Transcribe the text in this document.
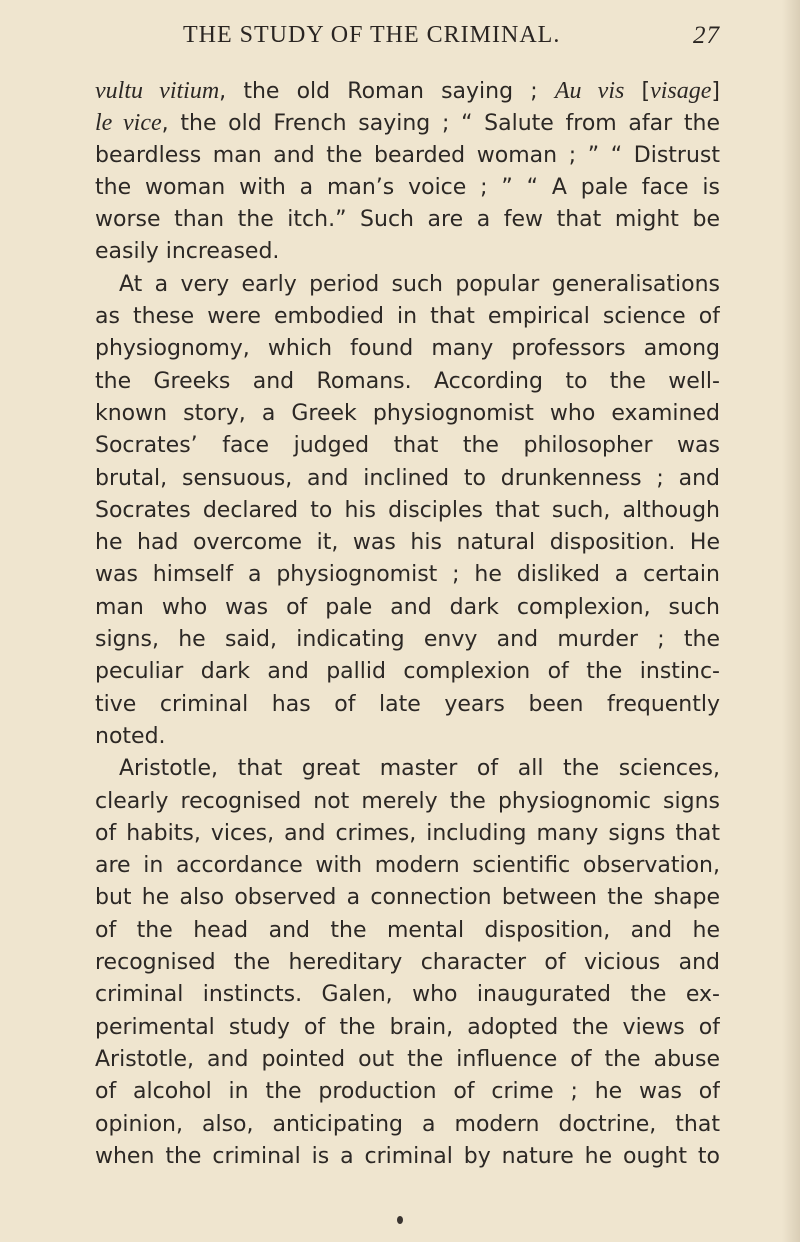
THE STUDY OF THE CRIMINAL.	27
vultu vitium, the old Roman saying ; Au vis [visage]
le vice, the old French saying ; “ Salute from afar the
beardless man and the bearded woman ; ” “ Distrust
the woman with a man’s voice ; ” “ A pale face is
worse than the itch.” Such are a few that might be
easily increased.
At a very early period such popular generalisations
as these were embodied in that empirical science of
physiognomy, which found many professors among
the Greeks and Romans. According to the well-
known story, a Greek physiognomist who examined
Socrates’ face judged that the philosopher was
brutal, sensuous, and inclined to drunkenness ; and
Socrates declared to his disciples that such, although
he had overcome it, was his natural disposition. He
was himself a physiognomist ; he disliked a certain
man who was of pale and dark complexion, such
signs, he said, indicating envy and murder ; the
peculiar dark and pallid complexion of the instinc-
tive criminal has of late years been frequently
noted.
Aristotle, that great master of all the sciences,
clearly recognised not merely the physiognomic signs
of habits, vices, and crimes, including many signs that
are in accordance with modern scientific observation,
but he also observed a connection between the shape
of the head and the mental disposition, and he
recognised the hereditary character of vicious and
criminal instincts. Galen, who inaugurated the ex-
perimental study of the brain, adopted the views of
Aristotle, and pointed out the influence of the abuse
of alcohol in the production of crime ; he was of
opinion, also, anticipating a modern doctrine, that
when the criminal is a criminal by nature he ought to
